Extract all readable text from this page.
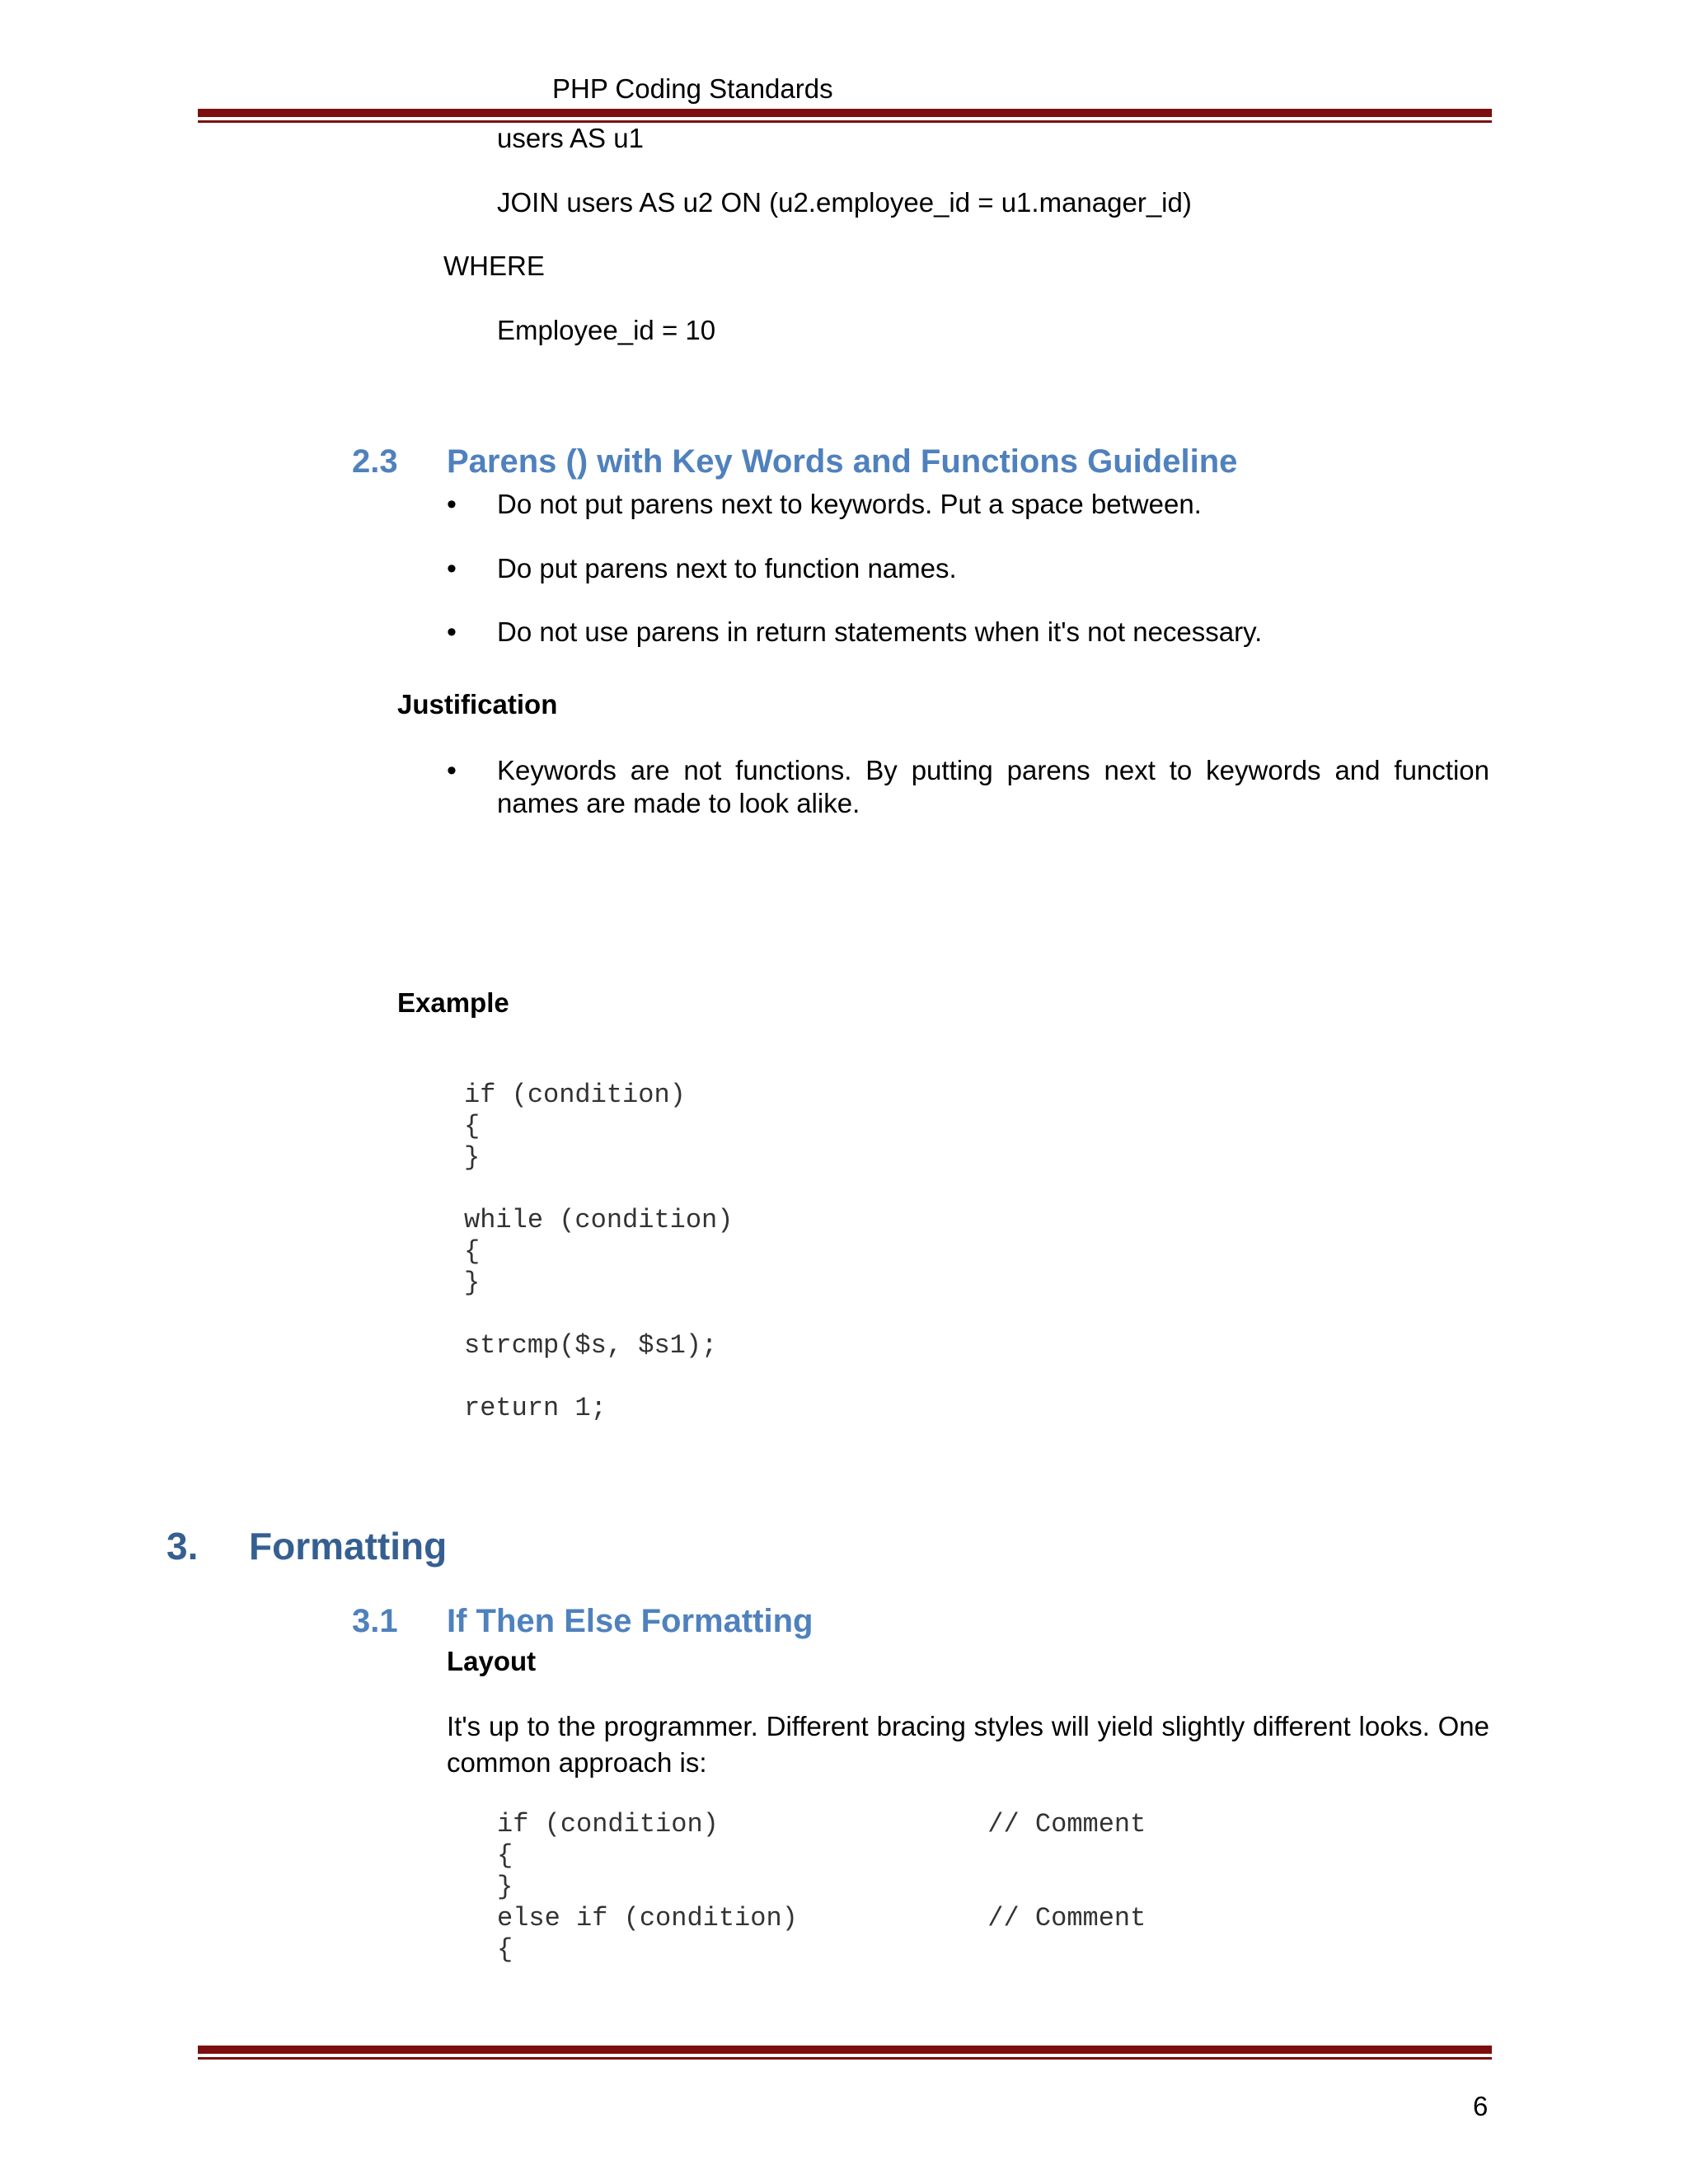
PHP Coding Standards
users AS u1
JOIN users AS u2 ON (u2.employee_id = u1.manager_id)
WHERE
Employee_id = 10
2.3 Parens () with Key Words and Functions Guideline
• Do not put parens next to keywords. Put a space between.
• Do put parens next to function names.
• Do not use parens in return statements when it's not necessary.
Justification
• Keywords are not functions. By putting parens next to keywords and function names are made to look alike.
Example
if (condition)
{
}

while (condition)
{
}

strcmp($s, $s1);

return 1;
3. Formatting
3.1 If Then Else Formatting
Layout
It's up to the programmer. Different bracing styles will yield slightly different looks. One common approach is:
if (condition)                 // Comment
{
}
else if (condition)            // Comment
{
6
